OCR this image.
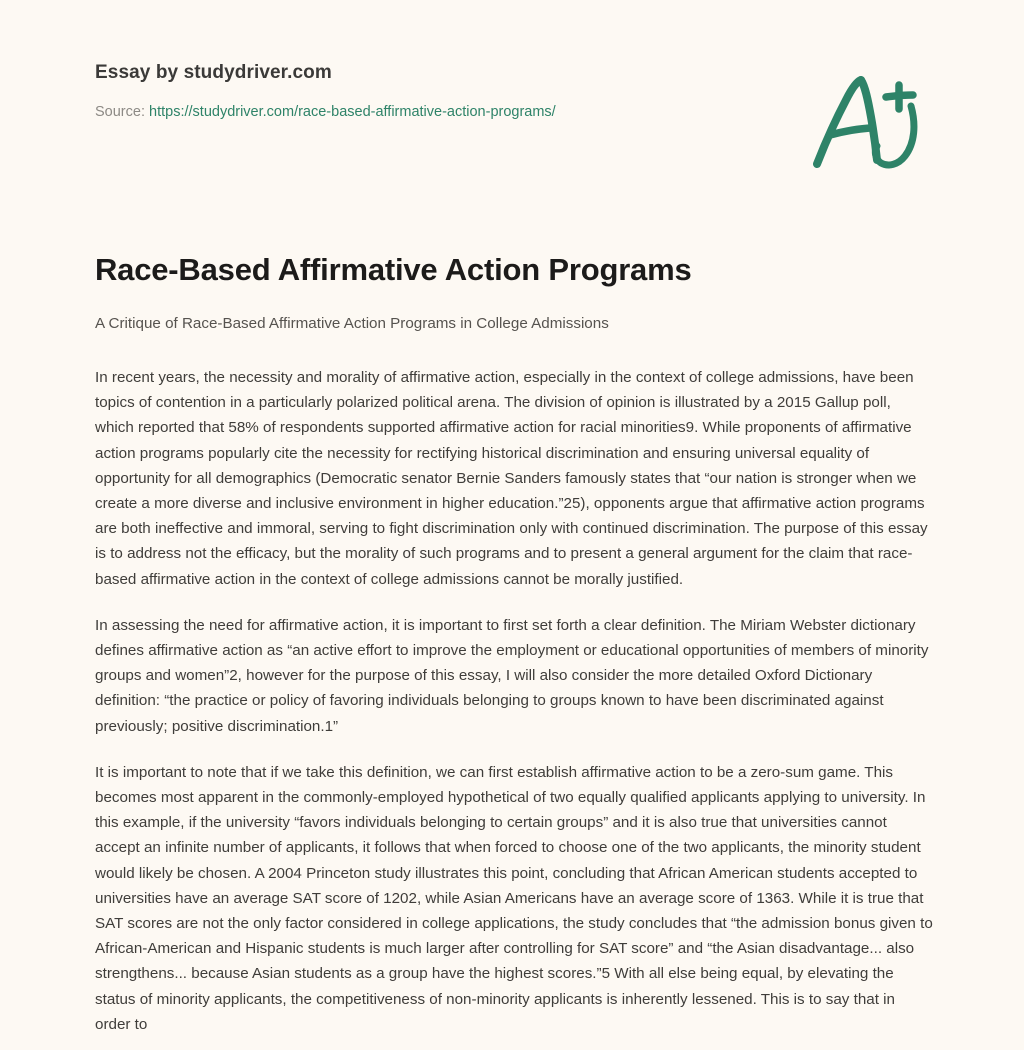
Essay by studydriver.com
Source: https://studydriver.com/race-based-affirmative-action-programs/
Race-Based Affirmative Action Programs
A Critique of Race-Based Affirmative Action Programs in College Admissions

In recent years, the necessity and morality of affirmative action, especially in the context of college admissions, have been topics of contention in a particularly polarized political arena. The division of opinion is illustrated by a 2015 Gallup poll, which reported that 58% of respondents supported affirmative action for racial minorities9. While proponents of affirmative action programs popularly cite the necessity for rectifying historical discrimination and ensuring universal equality of opportunity for all demographics (Democratic senator Bernie Sanders famously states that “our nation is stronger when we create a more diverse and inclusive environment in higher education.”25), opponents argue that affirmative action programs are both ineffective and immoral, serving to fight discrimination only with continued discrimination. The purpose of this essay is to address not the efficacy, but the morality of such programs and to present a general argument for the claim that race-based affirmative action in the context of college admissions cannot be morally justified.

In assessing the need for affirmative action, it is important to first set forth a clear definition. The Miriam Webster dictionary defines affirmative action as “an active effort to improve the employment or educational opportunities of members of minority groups and women”2, however for the purpose of this essay, I will also consider the more detailed Oxford Dictionary definition: “the practice or policy of favoring individuals belonging to groups known to have been discriminated against previously; positive discrimination.1”

It is important to note that if we take this definition, we can first establish affirmative action to be a zero-sum game. This becomes most apparent in the commonly-employed hypothetical of two equally qualified applicants applying to university. In this example, if the university “favors individuals belonging to certain groups” and it is also true that universities cannot accept an infinite number of applicants, it follows that when forced to choose one of the two applicants, the minority student would likely be chosen. A 2004 Princeton study illustrates this point, concluding that African American students accepted to universities have an average SAT score of 1202, while Asian Americans have an average score of 1363. While it is true that SAT scores are not the only factor considered in college applications, the study concludes that “the admission bonus given to African-American and Hispanic students is much larger after controlling for SAT score” and “the Asian disadvantage... also strengthens... because Asian students as a group have the highest scores.”5 With all else being equal, by elevating the status of minority applicants, the competitiveness of non-minority applicants is inherently lessened. This is to say that in order to
